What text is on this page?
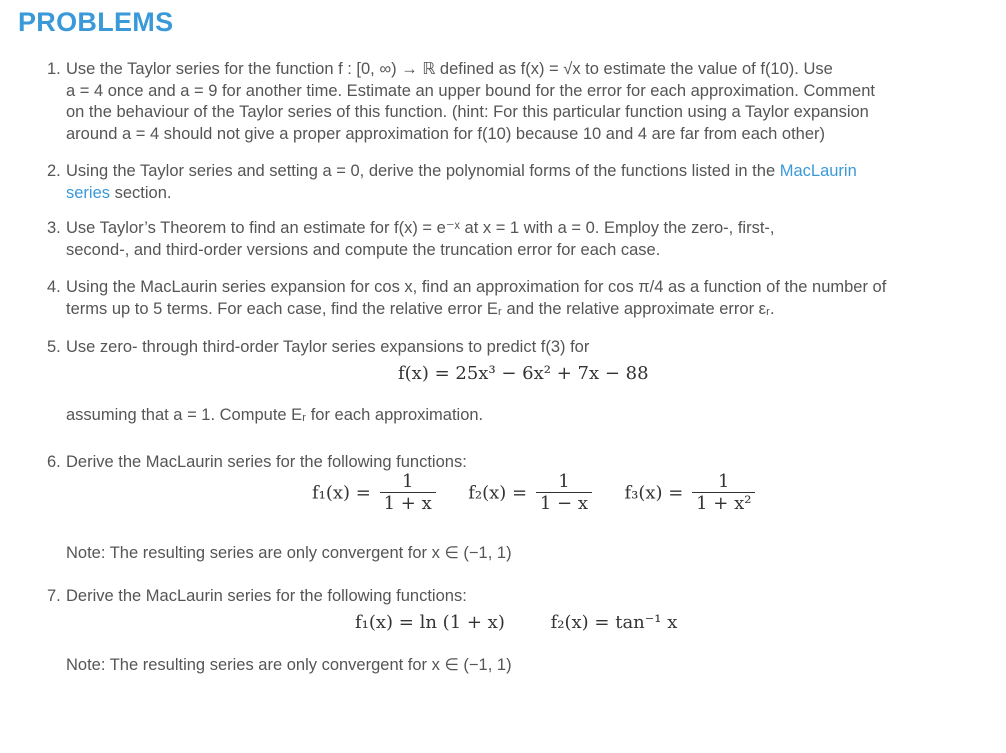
PROBLEMS
1. Use the Taylor series for the function f : [0, ∞) → ℝ defined as f(x) = √x to estimate the value of f(10). Use
a = 4 once and a = 9 for another time. Estimate an upper bound for the error for each approximation. Comment
on the behaviour of the Taylor series of this function. (hint: For this particular function using a Taylor expansion
around a = 4 should not give a proper approximation for f(10) because 10 and 4 are far from each other)
2. Using the Taylor series and setting a = 0, derive the polynomial forms of the functions listed in the MacLaurin
series section.
3. Use Taylor’s Theorem to find an estimate for f(x) = e⁻ˣ at x = 1 with a = 0. Employ the zero-, first-,
second-, and third-order versions and compute the truncation error for each case.
4. Using the MacLaurin series expansion for cos x, find an approximation for cos π/4 as a function of the number of
terms up to 5 terms. For each case, find the relative error Eᵣ and the relative approximate error εᵣ.
5. Use zero- through third-order Taylor series expansions to predict f(3) for
f(x) = 25x³ − 6x² + 7x − 88
assuming that a = 1. Compute Eᵣ for each approximation.
6. Derive the MacLaurin series for the following functions:
$f_1(x) = \frac{1}{1 + x} f_2(x) = \frac{1}{1 - x} f_3(x) = \frac{1}{\text{1 + x²}}$
Note: The resulting series are only convergent for x ∈ (−1, 1)
7. Derive the MacLaurin series for the following functions:
f₁(x) = ln (1 + x)        f₂(x) = tan⁻¹ x
Note: The resulting series are only convergent for x ∈ (−1, 1)
